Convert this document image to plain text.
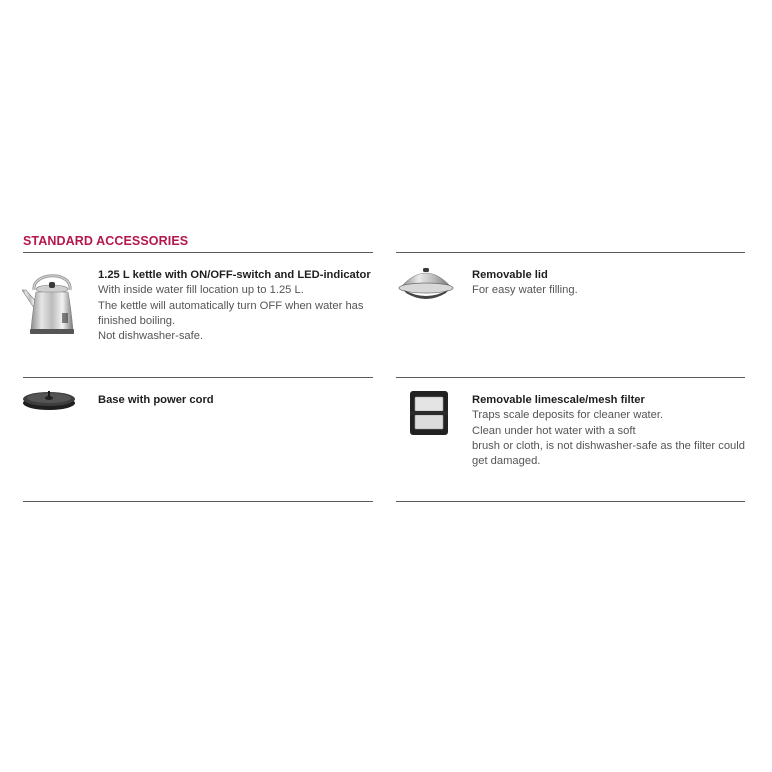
STANDARD ACCESSORIES
1.25 L kettle with ON/OFF-switch and LED-indicator
With inside water fill location up to 1.25 L.
The kettle will automatically turn OFF when water has finished boiling.
Not dishwasher-safe.
Removable lid
For easy water filling.
Base with power cord	Removable limescale/mesh filter
Traps scale deposits for cleaner water.
Clean under hot water with a soft
brush or cloth, is not dishwasher-safe as the filter could get damaged.
